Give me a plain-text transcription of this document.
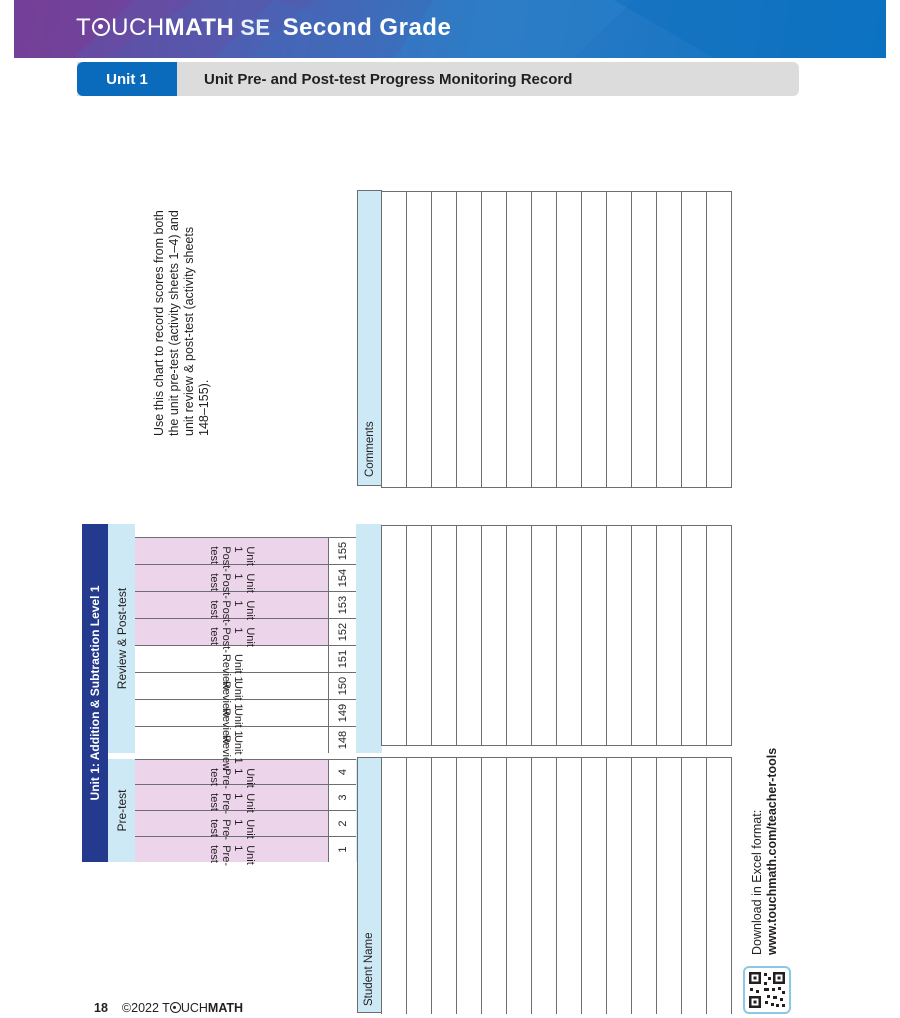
T UCH MATH SE Second Grade
Unit 1	Unit Pre- and Post-test Progress Monitoring Record
Use this chart to record scores from both the unit pre-test (activity sheets 1–4) and unit review & post-test (activity sheets 148–155).
Unit 1: Addition & Subtraction Level 1
Pre-test
Review & Post-test
Unit 1 Pre-test
Unit 1 Pre-test
Unit 1 Pre-test
Unit 1 Pre-test
Unit 1 Review
Unit 1 Review
Unit 1 Review
Unit 1 Review
Unit 1 Post-test
Unit 1 Post-test
Unit 1 Post-test
Unit 1 Post-test
1
2
3
4
148
149
150
151
152
153
154
155
Comments
Student Name
18 ©2022 T UCHMATH
Download in Excel format: www.touchmath.com/teacher-tools
